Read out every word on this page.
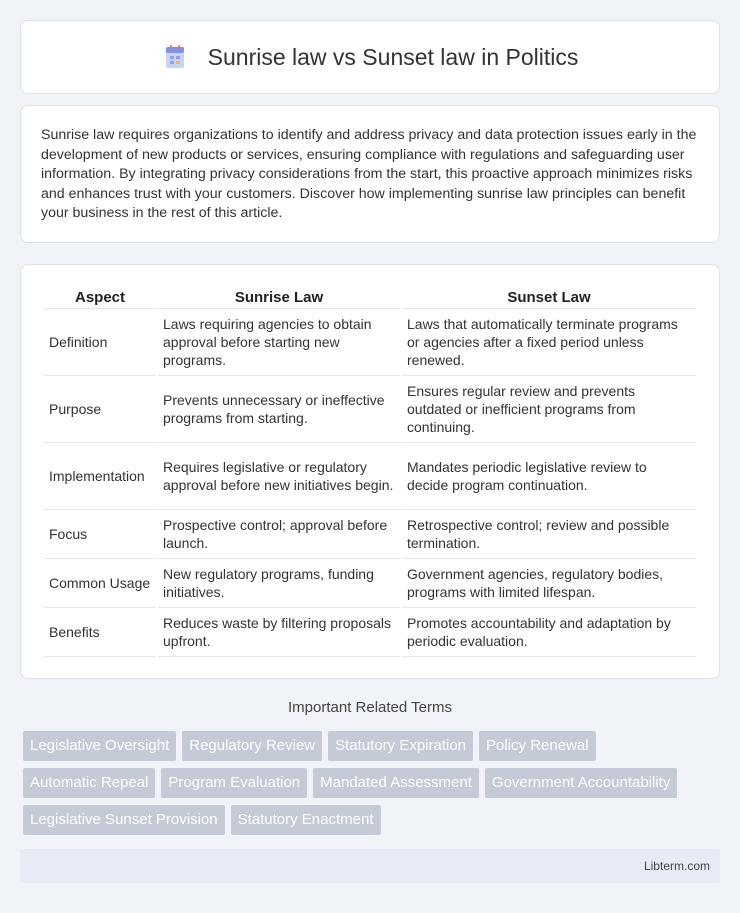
Sunrise law vs Sunset law in Politics

Sunrise law requires organizations to identify and address privacy and data protection issues early in the development of new products or services, ensuring compliance with regulations and safeguarding user information. By integrating privacy considerations from the start, this proactive approach minimizes risks and enhances trust with your customers. Discover how implementing sunrise law principles can benefit your business in the rest of this article.

Aspect	Sunrise Law	Sunset Law
Definition	Laws requiring agencies to obtain approval before starting new programs.	Laws that automatically terminate programs or agencies after a fixed period unless renewed.
Purpose	Prevents unnecessary or ineffective programs from starting.	Ensures regular review and prevents outdated or inefficient programs from continuing.
Implementation	Requires legislative or regulatory approval before new initiatives begin.	Mandates periodic legislative review to decide program continuation.
Focus	Prospective control; approval before launch.	Retrospective control; review and possible termination.
Common Usage	New regulatory programs, funding initiatives.	Government agencies, regulatory bodies, programs with limited lifespan.
Benefits	Reduces waste by filtering proposals upfront.	Promotes accountability and adaptation by periodic evaluation.
Important Related Terms
Legislative Oversight	Regulatory Review	Statutory Expiration	Policy Renewal
Automatic Repeal	Program Evaluation	Mandated Assessment	Government Accountability
Legislative Sunset Provision	Statutory Enactment
Libterm.com
